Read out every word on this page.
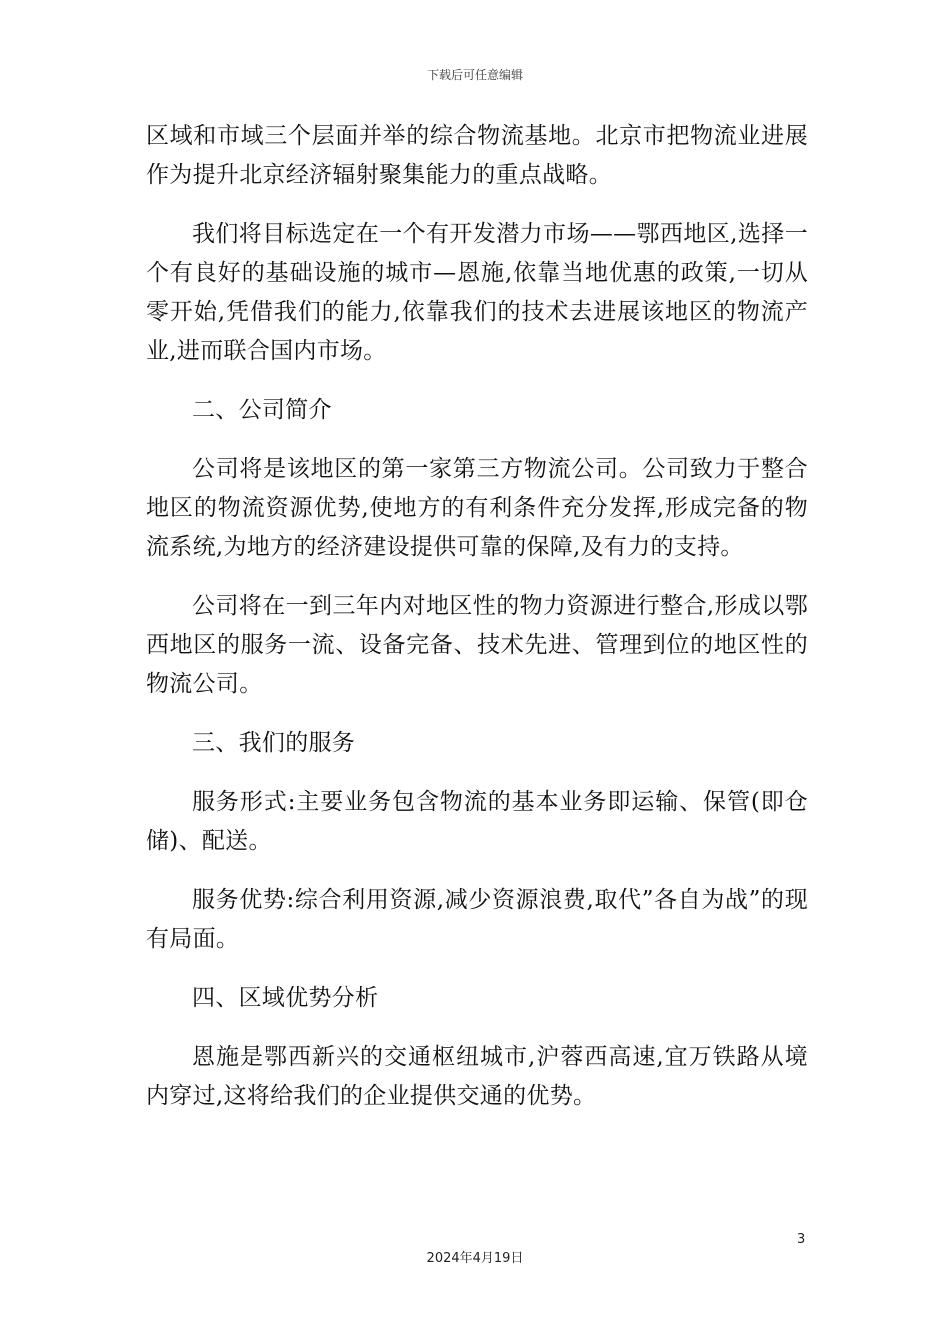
下载后可任意编辑

区域和市域三个层面并举的综合物流基地。北京市把物流业进展作为提升北京经济辐射聚集能力的重点战略。

我们将目标选定在一个有开发潜力市场——鄂西地区,选择一个有良好的基础设施的城市—恩施,依靠当地优惠的政策,一切从零开始,凭借我们的能力,依靠我们的技术去进展该地区的物流产业,进而联合国内市场。

二、公司简介

公司将是该地区的第一家第三方物流公司。公司致力于整合地区的物流资源优势,使地方的有利条件充分发挥,形成完备的物流系统,为地方的经济建设提供可靠的保障,及有力的支持。

公司将在一到三年内对地区性的物力资源进行整合,形成以鄂西地区的服务一流、设备完备、技术先进、管理到位的地区性的物流公司。

三、我们的服务

服务形式:主要业务包含物流的基本业务即运输、保管(即仓储)、配送。

服务优势:综合利用资源,减少资源浪费,取代”各自为战”的现有局面。

四、区域优势分析

恩施是鄂西新兴的交通枢纽城市,沪蓉西高速,宜万铁路从境内穿过,这将给我们的企业提供交通的优势。

3
2024年4月19日
